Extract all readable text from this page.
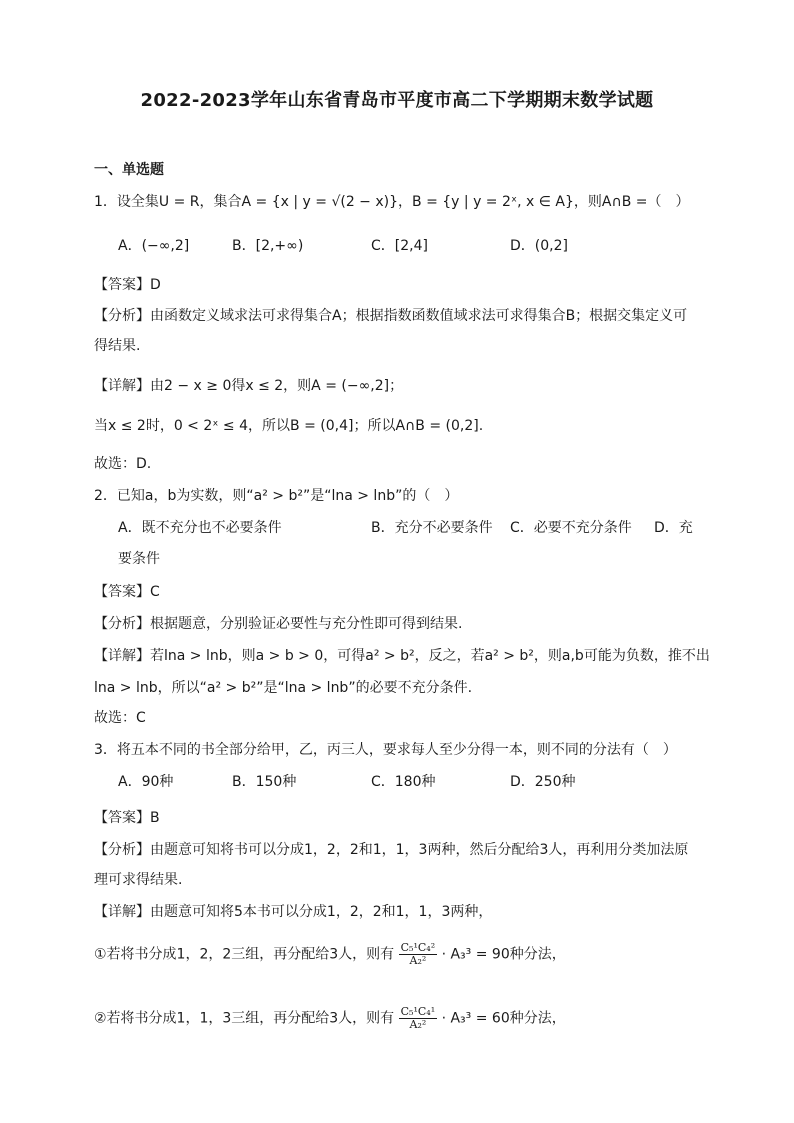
2022-2023学年山东省青岛市平度市高二下学期期末数学试题
一、单选题
1．设全集U = R，集合A = {x | y = √(2 − x)}，B = {y | y = 2ˣ, x ∈ A}，则A∩B =（　）
A．(−∞,2]	B．[2,+∞)	C．[2,4]	D．(0,2]
【答案】D
【分析】由函数定义域求法可求得集合A；根据指数函数值域求法可求得集合B；根据交集定义可
得结果.
【详解】由2 − x ≥ 0得x ≤ 2，则A = (−∞,2]；
当x ≤ 2时，0 < 2ˣ ≤ 4，所以B = (0,4]；所以A∩B = (0,2].
故选：D.
2．已知a，b为实数，则“a² > b²”是“lna > lnb”的（　）
A．既不充分也不必要条件	B．充分不必要条件 C．必要不充分条件 D．充
要条件
【答案】C
【分析】根据题意，分别验证必要性与充分性即可得到结果.
【详解】若lna > lnb，则a > b > 0，可得a² > b²，反之，若a² > b²，则a,b可能为负数，推不出
lna > lnb，所以“a² > b²”是“lna > lnb”的必要不充分条件.
故选：C
3．将五本不同的书全部分给甲，乙，丙三人，要求每人至少分得一本，则不同的分法有（　）
A．90种	B．150种	C．180种	D．250种
【答案】B
【分析】由题意可知将书可以分成1，2，2和1，1，3两种，然后分配给3人，再利用分类加法原
理可求得结果.
【详解】由题意可知将5本书可以分成1，2，2和1，1，3两种，
①若将书分成1，2，2三组，再分配给3人，则有 $\frac{\text{C₅¹C₄²}}{\text{A₂²}} \cdot A_3^3 = 90$种分法，
②若将书分成1，1，3三组，再分配给3人，则有 $\frac{\text{C₅¹C₄¹}}{\text{A₂²}} \cdot A_3^3 = 60$种分法，
